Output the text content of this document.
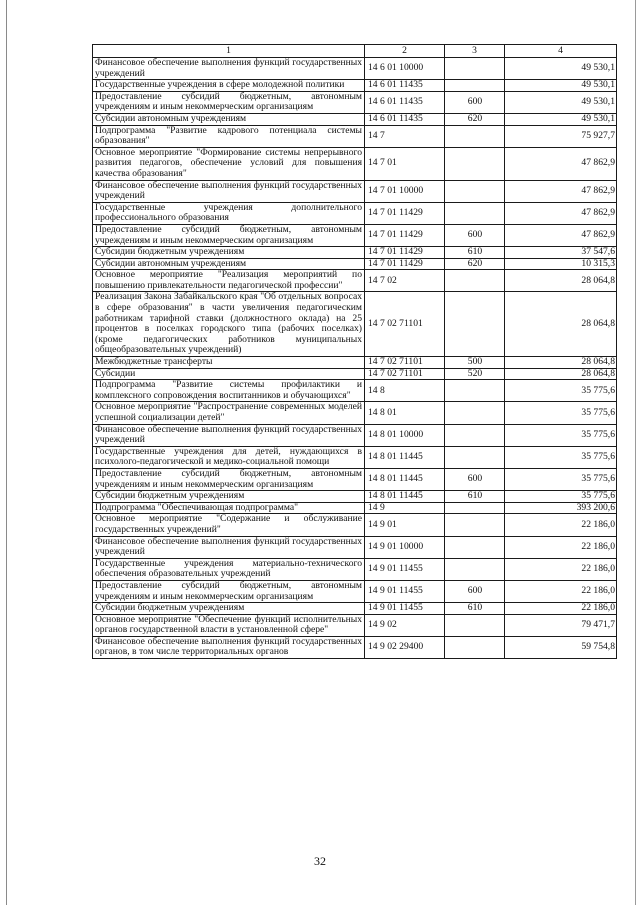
1	2	3	4
Финансовое обеспечение выполнения функций государственных учреждений	14 6 01 10000		49 530,1
Государственные учреждения в сфере молодежной политики	14 6 01 11435		49 530,1
Предоставление субсидий бюджетным, автономным учреждениям и иным некоммерческим организациям	14 6 01 11435	600	49 530,1
Субсидии автономным учреждениям	14 6 01 11435	620	49 530,1
Подпрограмма "Развитие кадрового потенциала системы образования"	14 7		75 927,7
Основное мероприятие "Формирование системы непрерывного развития педагогов, обеспечение условий для повышения качества образования"	14 7 01		47 862,9
Финансовое обеспечение выполнения функций государственных учреждений	14 7 01 10000		47 862,9
Государственные учреждения дополнительного профессионального образования	14 7 01 11429		47 862,9
Предоставление субсидий бюджетным, автономным учреждениям и иным некоммерческим организациям	14 7 01 11429	600	47 862,9
Субсидии бюджетным учреждениям	14 7 01 11429	610	37 547,6
Субсидии автономным учреждениям	14 7 01 11429	620	10 315,3
Основное мероприятие "Реализация мероприятий по повышению привлекательности педагогической профессии"	14 7 02		28 064,8
Реализация Закона Забайкальского края "Об отдельных вопросах в сфере образования" в части увеличения педагогическим работникам тарифной ставки (должностного оклада) на 25 процентов в поселках городского типа (рабочих поселках) (кроме педагогических работников муниципальных общеобразовательных учреждений)	14 7 02 71101		28 064,8
Межбюджетные трансферты	14 7 02 71101	500	28 064,8
Субсидии	14 7 02 71101	520	28 064,8
Подпрограмма "Развитие системы профилактики и комплексного сопровождения воспитанников и обучающихся"	14 8		35 775,6
Основное мероприятие "Распространение современных моделей успешной социализации детей"	14 8 01		35 775,6
Финансовое обеспечение выполнения функций государственных учреждений	14 8 01 10000		35 775,6
Государственные учреждения для детей, нуждающихся в психолого-педагогической и медико-социальной помощи	14 8 01 11445		35 775,6
Предоставление субсидий бюджетным, автономным учреждениям и иным некоммерческим организациям	14 8 01 11445	600	35 775,6
Субсидии бюджетным учреждениям	14 8 01 11445	610	35 775,6
Подпрограмма "Обеспечивающая подпрограмма"	14 9		393 200,6
Основное мероприятие "Содержание и обслуживание государственных учреждений"	14 9 01		22 186,0
Финансовое обеспечение выполнения функций государственных учреждений	14 9 01 10000		22 186,0
Государственные учреждения материально-технического обеспечения образовательных учреждений	14 9 01 11455		22 186,0
Предоставление субсидий бюджетным, автономным учреждениям и иным некоммерческим организациям	14 9 01 11455	600	22 186,0
Субсидии бюджетным учреждениям	14 9 01 11455	610	22 186,0
Основное мероприятие "Обеспечение функций исполнительных органов государственной власти в установленной сфере"	14 9 02		79 471,7
Финансовое обеспечение выполнения функций государственных органов, в том числе территориальных органов	14 9 02 29400		59 754,8
32
